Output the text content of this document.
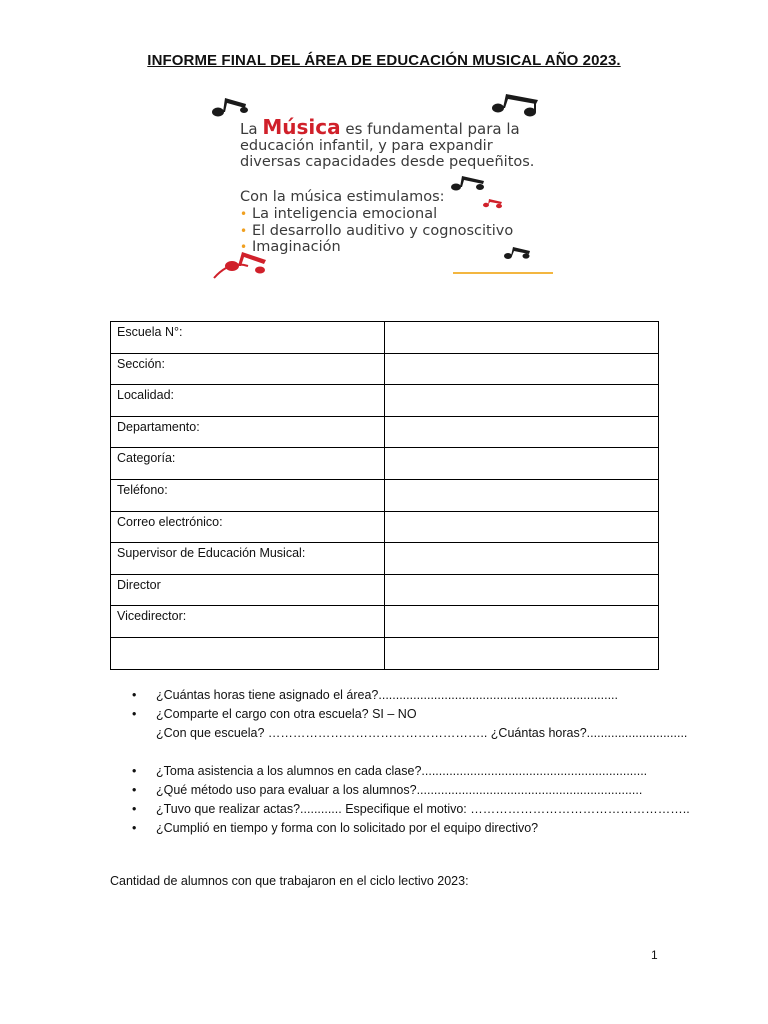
INFORME FINAL DEL ÁREA DE EDUCACIÓN MUSICAL AÑO 2023.
La Música es fundamental para la
educación infantil, y para expandir
diversas capacidades desde pequeñitos.
Con la música estimulamos:
• La inteligencia emocional
• El desarrollo auditivo y cognoscitivo
• Imaginación
Escuela N°:	
Sección:	
Localidad:	
Departamento:	
Categoría:	
Teléfono:	
Correo electrónico:	
Supervisor de Educación Musical:	
Director	
Vicedirector:	

• ¿Cuántas horas tiene asignado el área?.....................................................................
• ¿Comparte el cargo con otra escuela? SI – NO
¿Con que escuela? …………………………………………….. ¿Cuántas horas?.............................
• ¿Toma asistencia a los alumnos en cada clase?.................................................................
• ¿Qué método uso para evaluar a los alumnos?.................................................................
• ¿Tuvo que realizar actas?............ Especifique el motivo: ……………………………………………..
• ¿Cumplió en tiempo y forma con lo solicitado por el equipo directivo?
Cantidad de alumnos con que trabajaron en el ciclo lectivo 2023:
1
